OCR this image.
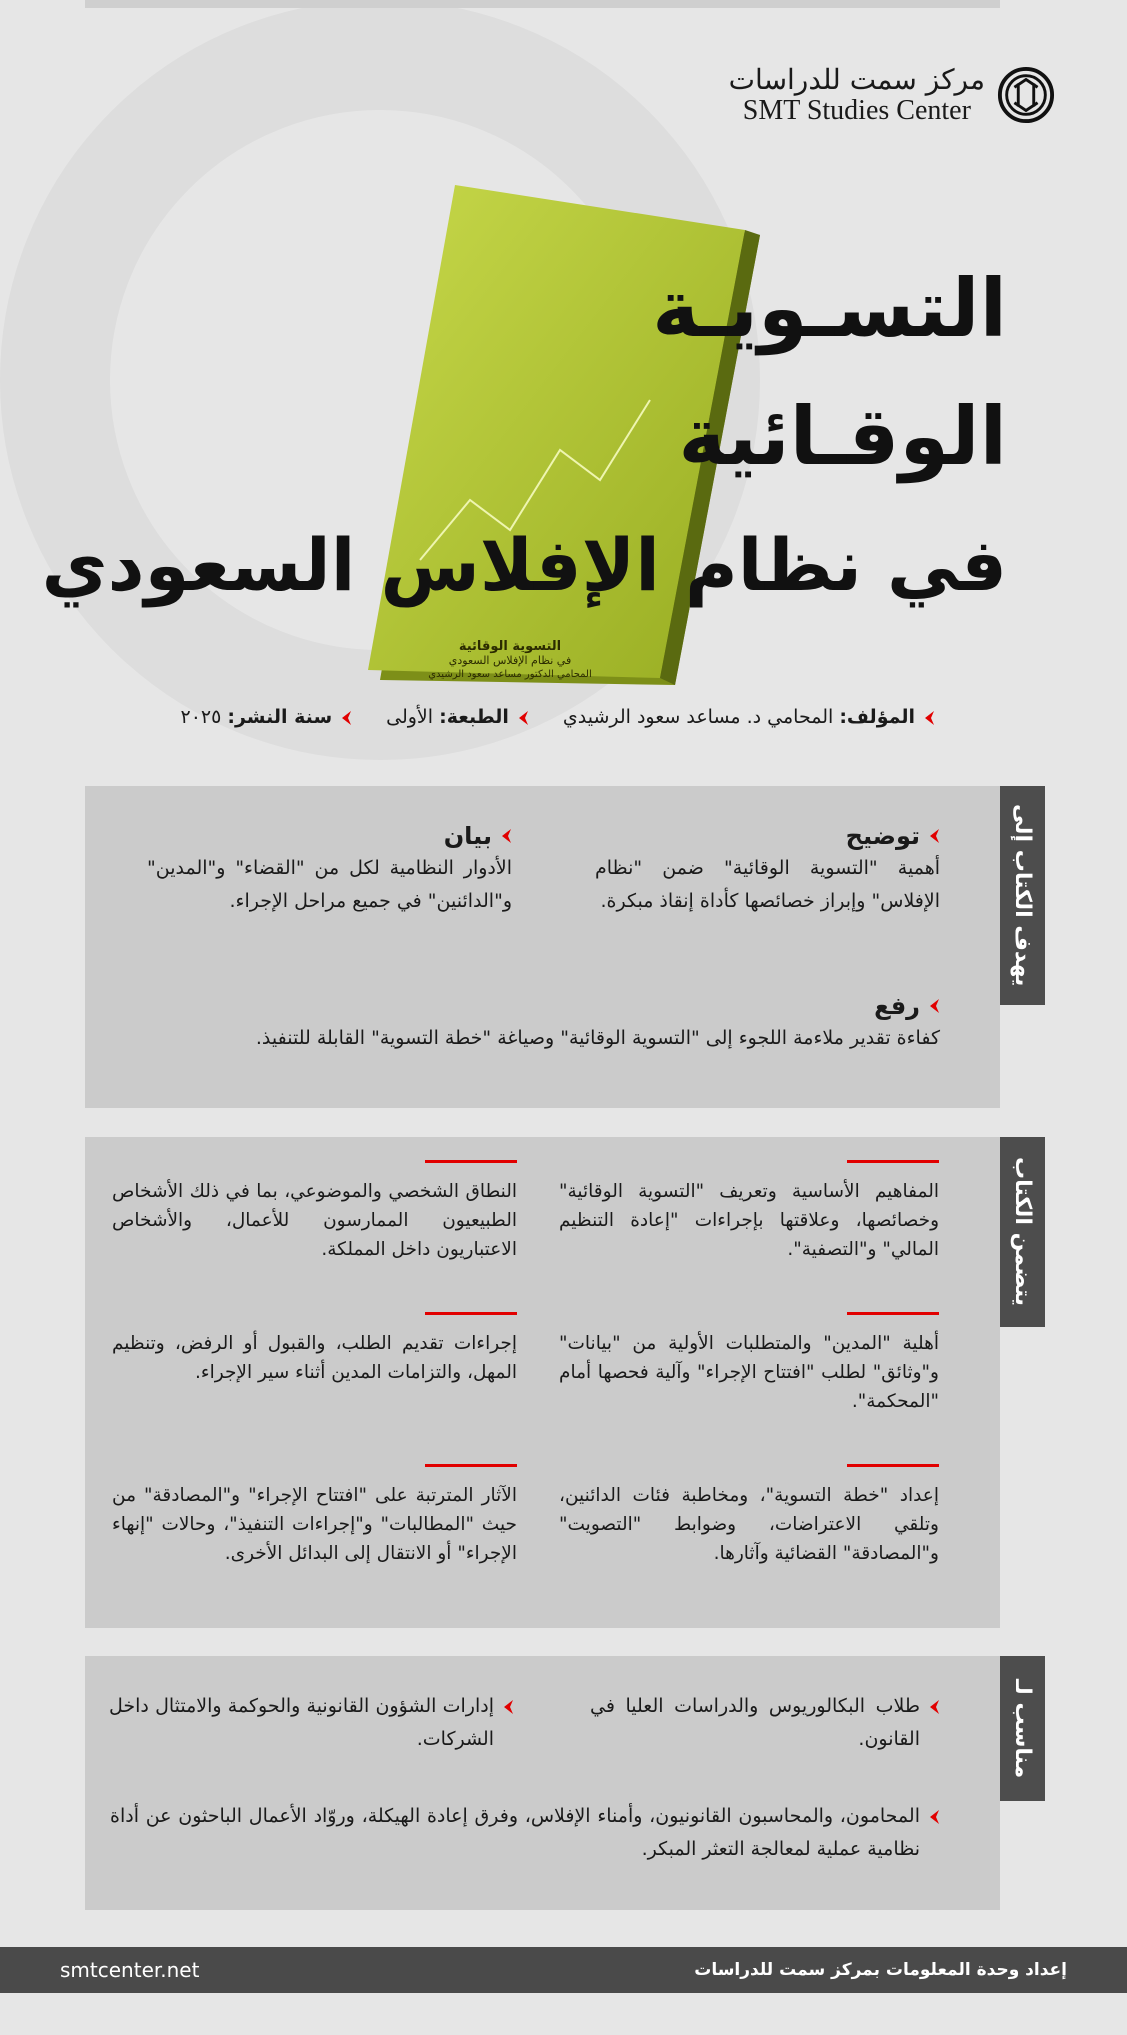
مركز سمت للدراسات
SMT Studies Center
التسـويـة
الوقـائية
في نظام الإفلاس السعودي
التسوية الوقائية
في نظام الإفلاس السعودي
المحامي الدكتور مساعد سعود الرشيدي
المؤلف: المحامي د. مساعد سعود الرشيدي
الطبعة: الأولى
سنة النشر: ٢٠٢٥
يهدف الكتاب إلى
توضيح

أهمية "التسوية الوقائية" ضمن "نظام الإفلاس" وإبراز خصائصها كأداة إنقاذ مبكرة.

بيان

الأدوار النظامية لكل من "القضاء" و"المدين" و"الدائنين" في جميع مراحل الإجراء.

رفع

كفاءة تقدير ملاءمة اللجوء إلى "التسوية الوقائية" وصياغة "خطة التسوية" القابلة للتنفيذ.

يتضمن الكتاب

المفاهيم الأساسية وتعريف "التسوية الوقائية" وخصائصها، وعلاقتها بإجراءات "إعادة التنظيم المالي" و"التصفية".

النطاق الشخصي والموضوعي، بما في ذلك الأشخاص الطبيعيون الممارسون للأعمال، والأشخاص الاعتباريون داخل المملكة.

أهلية "المدين" والمتطلبات الأولية من "بيانات" و"وثائق" لطلب "افتتاح الإجراء" وآلية فحصها أمام "المحكمة".

إجراءات تقديم الطلب، والقبول أو الرفض، وتنظيم المهل، والتزامات المدين أثناء سير الإجراء.

إعداد "خطة التسوية"، ومخاطبة فئات الدائنين، وتلقي الاعتراضات، وضوابط "التصويت" و"المصادقة" القضائية وآثارها.

الآثار المترتبة على "افتتاح الإجراء" و"المصادقة" من حيث "المطالبات" و"إجراءات التنفيذ"، وحالات "إنهاء الإجراء" أو الانتقال إلى البدائل الأخرى.

مناسب لـ

طلاب البكالوريوس والدراسات العليا في القانون.

إدارات الشؤون القانونية والحوكمة والامتثال داخل الشركات.

المحامون، والمحاسبون القانونيون، وأمناء الإفلاس، وفرق إعادة الهيكلة، وروّاد الأعمال الباحثون عن أداة نظامية عملية لمعالجة التعثر المبكر.

smtcenter.net	إعداد وحدة المعلومات بمركز سمت للدراسات
